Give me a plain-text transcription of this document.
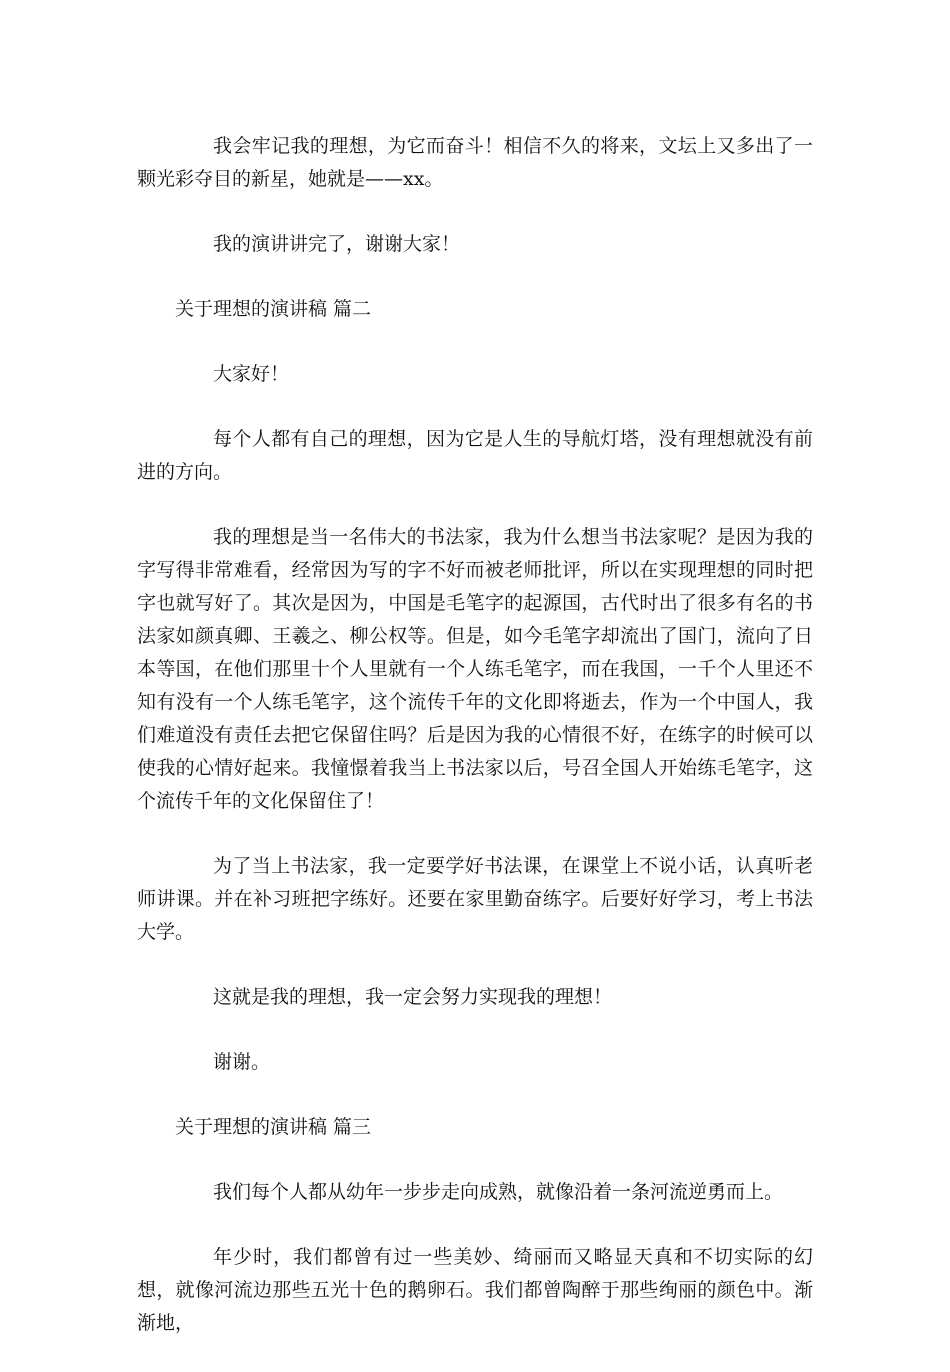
我会牢记我的理想，为它而奋斗！相信不久的将来，文坛上又多出了一颗光彩夺目的新星，她就是——xx。

我的演讲讲完了，谢谢大家！

关于理想的演讲稿 篇二

大家好！

每个人都有自己的理想，因为它是人生的导航灯塔，没有理想就没有前进的方向。

我的理想是当一名伟大的书法家，我为什么想当书法家呢？是因为我的字写得非常难看，经常因为写的字不好而被老师批评，所以在实现理想的同时把字也就写好了。其次是因为，中国是毛笔字的起源国，古代时出了很多有名的书法家如颜真卿、王羲之、柳公权等。但是，如今毛笔字却流出了国门，流向了日本等国，在他们那里十个人里就有一个人练毛笔字，而在我国，一千个人里还不知有没有一个人练毛笔字，这个流传千年的文化即将逝去，作为一个中国人，我们难道没有责任去把它保留住吗？后是因为我的心情很不好，在练字的时候可以使我的心情好起来。我憧憬着我当上书法家以后，号召全国人开始练毛笔字，这个流传千年的文化保留住了！

为了当上书法家，我一定要学好书法课，在课堂上不说小话，认真听老师讲课。并在补习班把字练好。还要在家里勤奋练字。后要好好学习，考上书法大学。

这就是我的理想，我一定会努力实现我的理想！

谢谢。

关于理想的演讲稿 篇三

我们每个人都从幼年一步步走向成熟，就像沿着一条河流逆勇而上。

年少时，我们都曾有过一些美妙、绮丽而又略显天真和不切实际的幻想，就像河流边那些五光十色的鹅卵石。我们都曾陶醉于那些绚丽的颜色中。渐渐地，
